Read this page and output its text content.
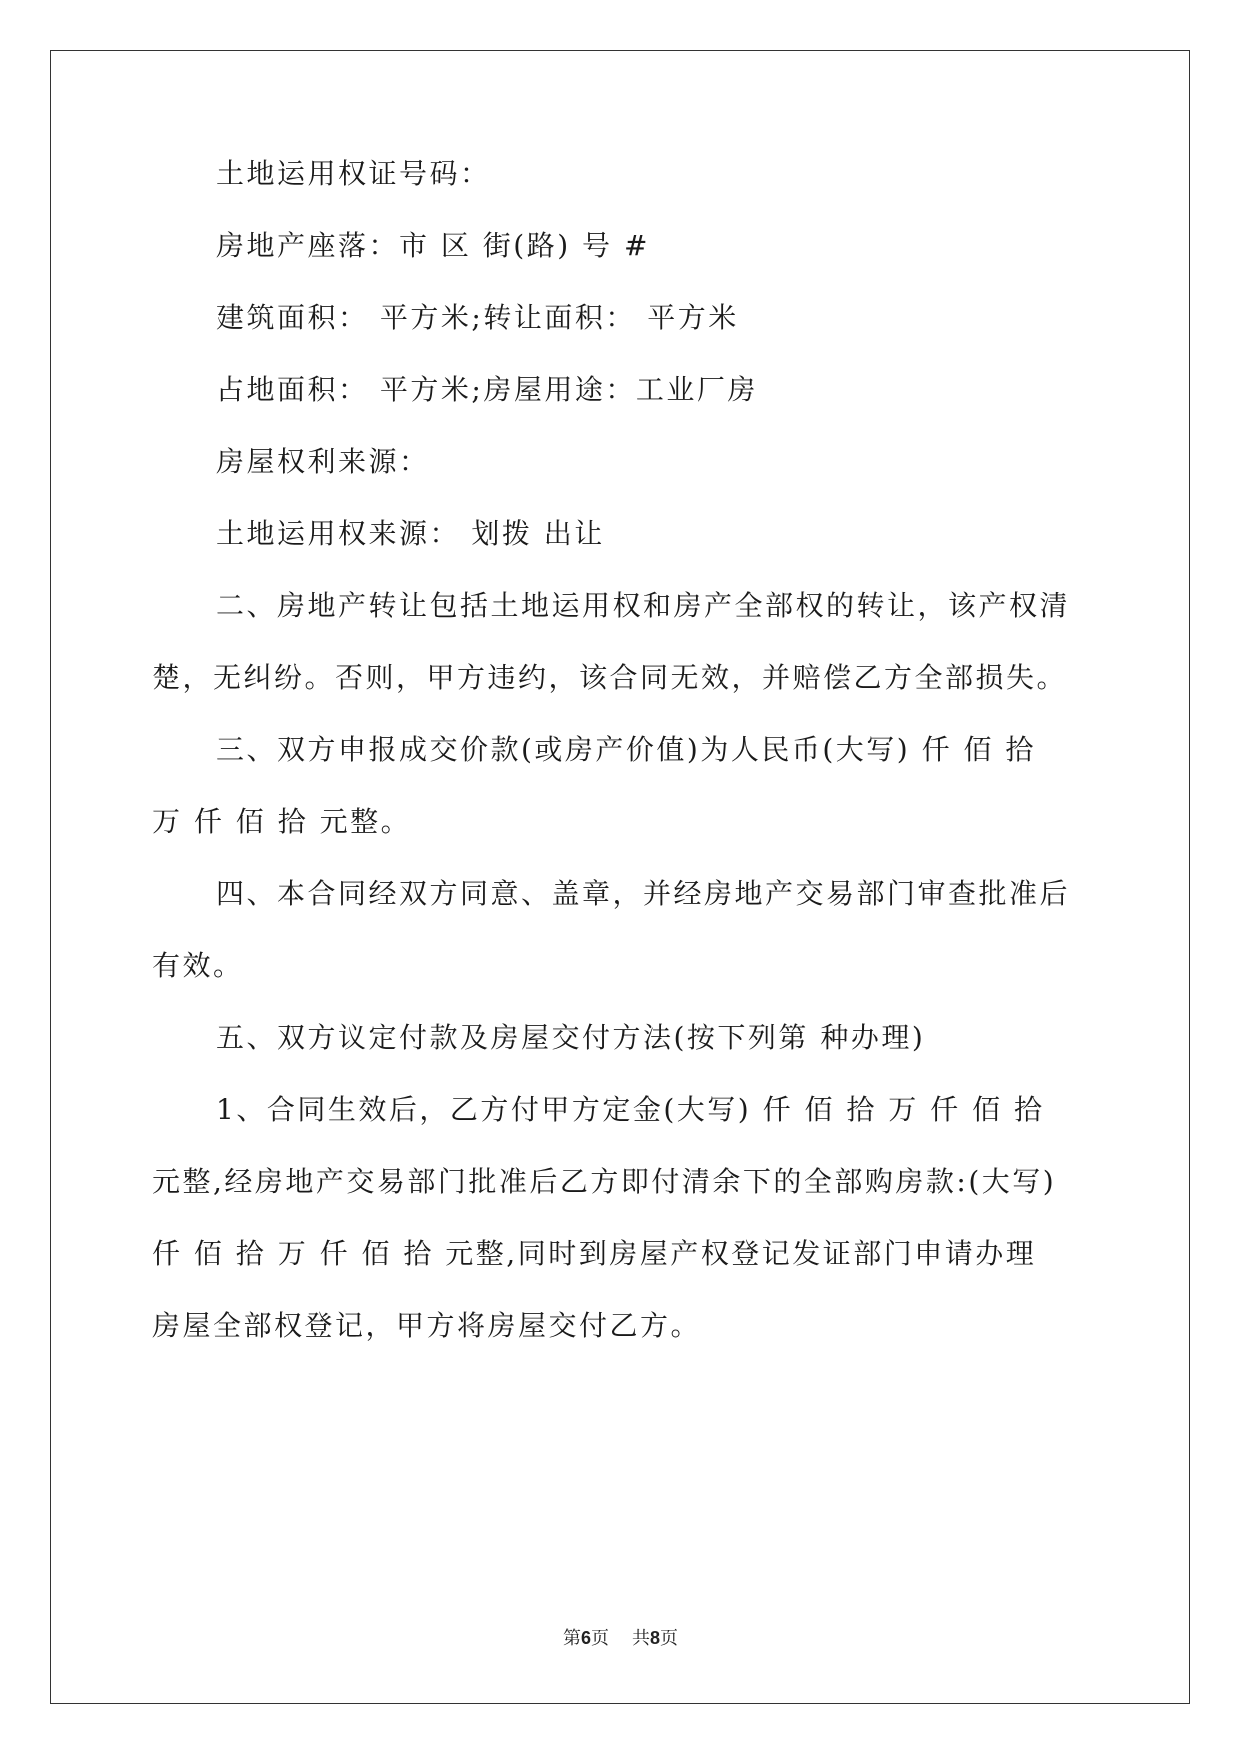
土地运用权证号码：
房地产座落：市 区 街(路) 号 #
建筑面积： 平方米;转让面积： 平方米
占地面积： 平方米;房屋用途：工业厂房
房屋权利来源：
土地运用权来源： 划拨 出让
二、房地产转让包括土地运用权和房产全部权的转让，该产权清
楚，无纠纷。否则，甲方违约，该合同无效，并赔偿乙方全部损失。
三、双方申报成交价款(或房产价值)为人民币(大写) 仟 佰 拾
万 仟 佰 拾 元整。
四、本合同经双方同意、盖章，并经房地产交易部门审查批准后
有效。
五、双方议定付款及房屋交付方法(按下列第 种办理)
1、合同生效后，乙方付甲方定金(大写) 仟 佰 拾 万 仟 佰 拾
元整,经房地产交易部门批准后乙方即付清余下的全部购房款:(大写)
仟 佰 拾 万 仟 佰 拾 元整,同时到房屋产权登记发证部门申请办理
房屋全部权登记，甲方将房屋交付乙方。
第6页 共8页
